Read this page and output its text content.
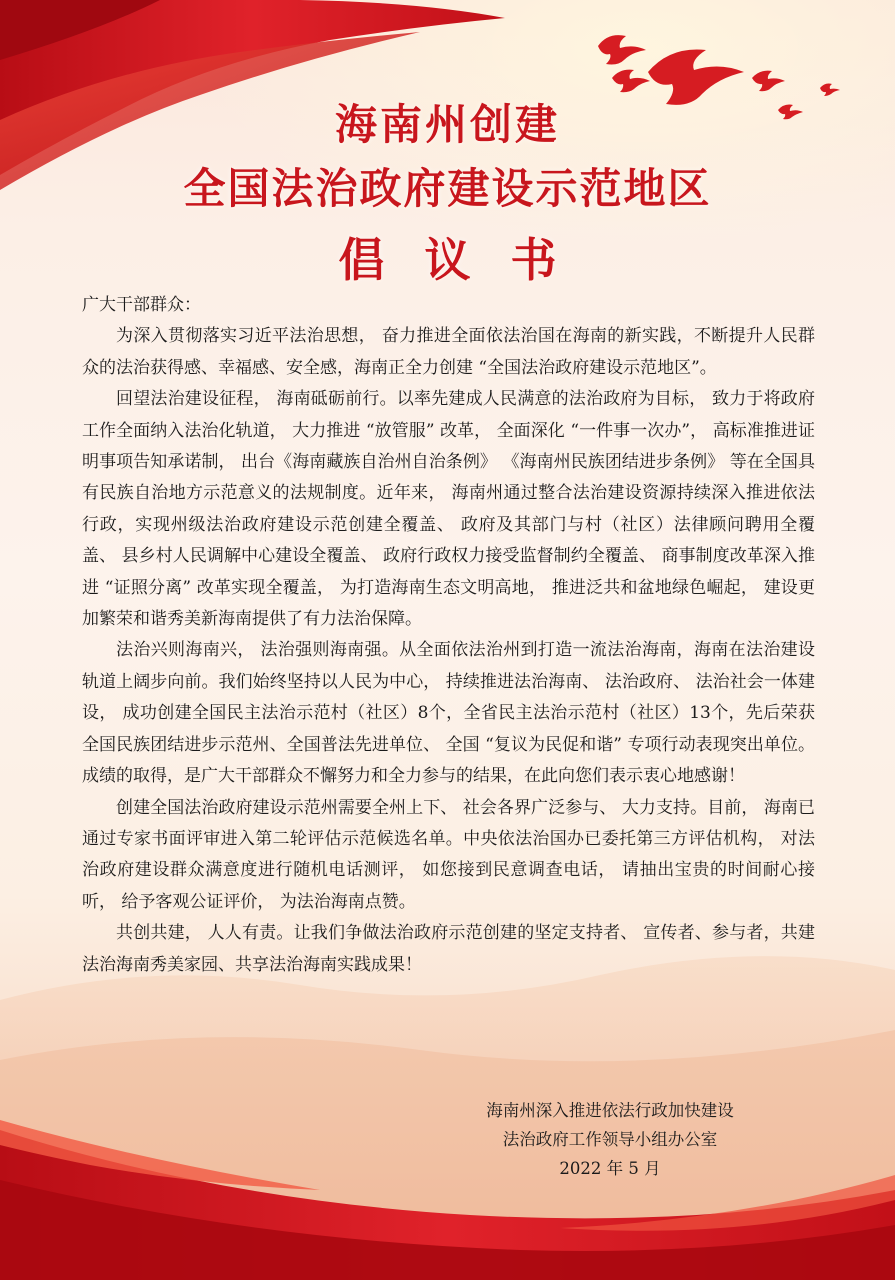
海南州创建
全国法治政府建设示范地区
倡议书

广大干部群众：

为深入贯彻落实习近平法治思想， 奋力推进全面依法治国在海南的新实践，不断提升人民群众的法治获得感、幸福感、安全感，海南正全力创建 “全国法治政府建设示范地区”。

回望法治建设征程， 海南砥砺前行。以率先建成人民满意的法治政府为目标， 致力于将政府工作全面纳入法治化轨道， 大力推进 “放管服” 改革， 全面深化 “一件事一次办”， 高标准推进证明事项告知承诺制， 出台《海南藏族自治州自治条例》 《海南州民族团结进步条例》 等在全国具有民族自治地方示范意义的法规制度。近年来， 海南州通过整合法治建设资源持续深入推进依法行政，实现州级法治政府建设示范创建全覆盖、 政府及其部门与村（社区）法律顾问聘用全覆盖、 县乡村人民调解中心建设全覆盖、 政府行政权力接受监督制约全覆盖、 商事制度改革深入推进 “证照分离” 改革实现全覆盖， 为打造海南生态文明高地， 推进泛共和盆地绿色崛起， 建设更加繁荣和谐秀美新海南提供了有力法治保障。

法治兴则海南兴， 法治强则海南强。从全面依法治州到打造一流法治海南，海南在法治建设轨道上阔步向前。我们始终坚持以人民为中心， 持续推进法治海南、 法治政府、 法治社会一体建设， 成功创建全国民主法治示范村（社区）8个，全省民主法治示范村（社区）13个，先后荣获全国民族团结进步示范州、全国普法先进单位、 全国 “复议为民促和谐” 专项行动表现突出单位。成绩的取得，是广大干部群众不懈努力和全力参与的结果，在此向您们表示衷心地感谢！

创建全国法治政府建设示范州需要全州上下、 社会各界广泛参与、 大力支持。目前， 海南已通过专家书面评审进入第二轮评估示范候选名单。中央依法治国办已委托第三方评估机构， 对法治政府建设群众满意度进行随机电话测评， 如您接到民意调查电话， 请抽出宝贵的时间耐心接听， 给予客观公证评价， 为法治海南点赞。

共创共建， 人人有责。让我们争做法治政府示范创建的坚定支持者、 宣传者、参与者，共建法治海南秀美家园、共享法治海南实践成果！

海南州深入推进依法行政加快建设
法治政府工作领导小组办公室
2022 年 5 月
